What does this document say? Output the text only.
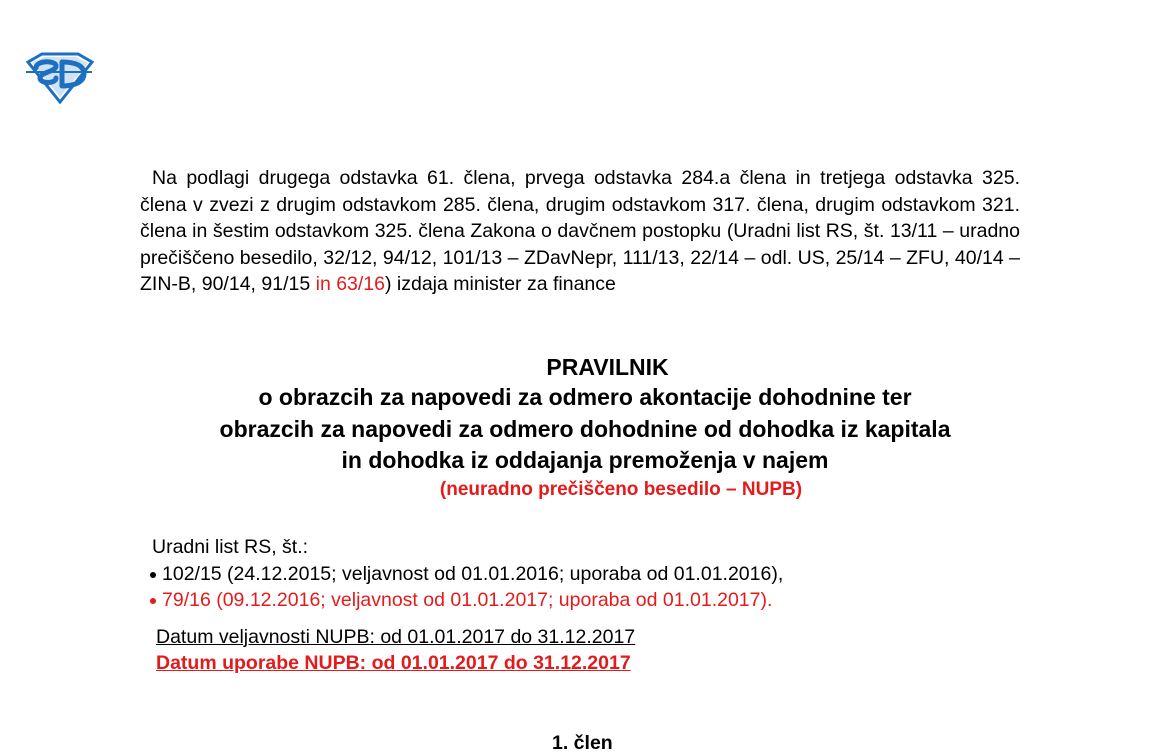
Na podlagi drugega odstavka 61. člena, prvega odstavka 284.a člena in tretjega odstavka 325. člena v zvezi z drugim odstavkom 285. člena, drugim odstavkom 317. člena, drugim odstavkom 321. člena in šestim odstavkom 325. člena Zakona o davčnem postopku (Uradni list RS, št. 13/11 – uradno prečiščeno besedilo, 32/12, 94/12, 101/13 – ZDavNepr, 111/13, 22/14 – odl. US, 25/14 – ZFU, 40/14 – ZIN-B, 90/14, 91/15 in 63/16) izdaja minister za finance
PRAVILNIK
o obrazcih za napovedi za odmero akontacije dohodnine ter
obrazcih za napovedi za odmero dohodnine od dohodka iz kapitala
in dohodka iz oddajanja premoženja v najem
(neuradno prečiščeno besedilo – NUPB)
Uradni list RS, št.:
102/15 (24.12.2015; veljavnost od 01.01.2016; uporaba od 01.01.2016),
79/16 (09.12.2016; veljavnost od 01.01.2017; uporaba od 01.01.2017).
Datum veljavnosti NUPB: od 01.01.2017 do 31.12.2017
Datum uporabe NUPB: od 01.01.2017 do 31.12.2017
1. člen
